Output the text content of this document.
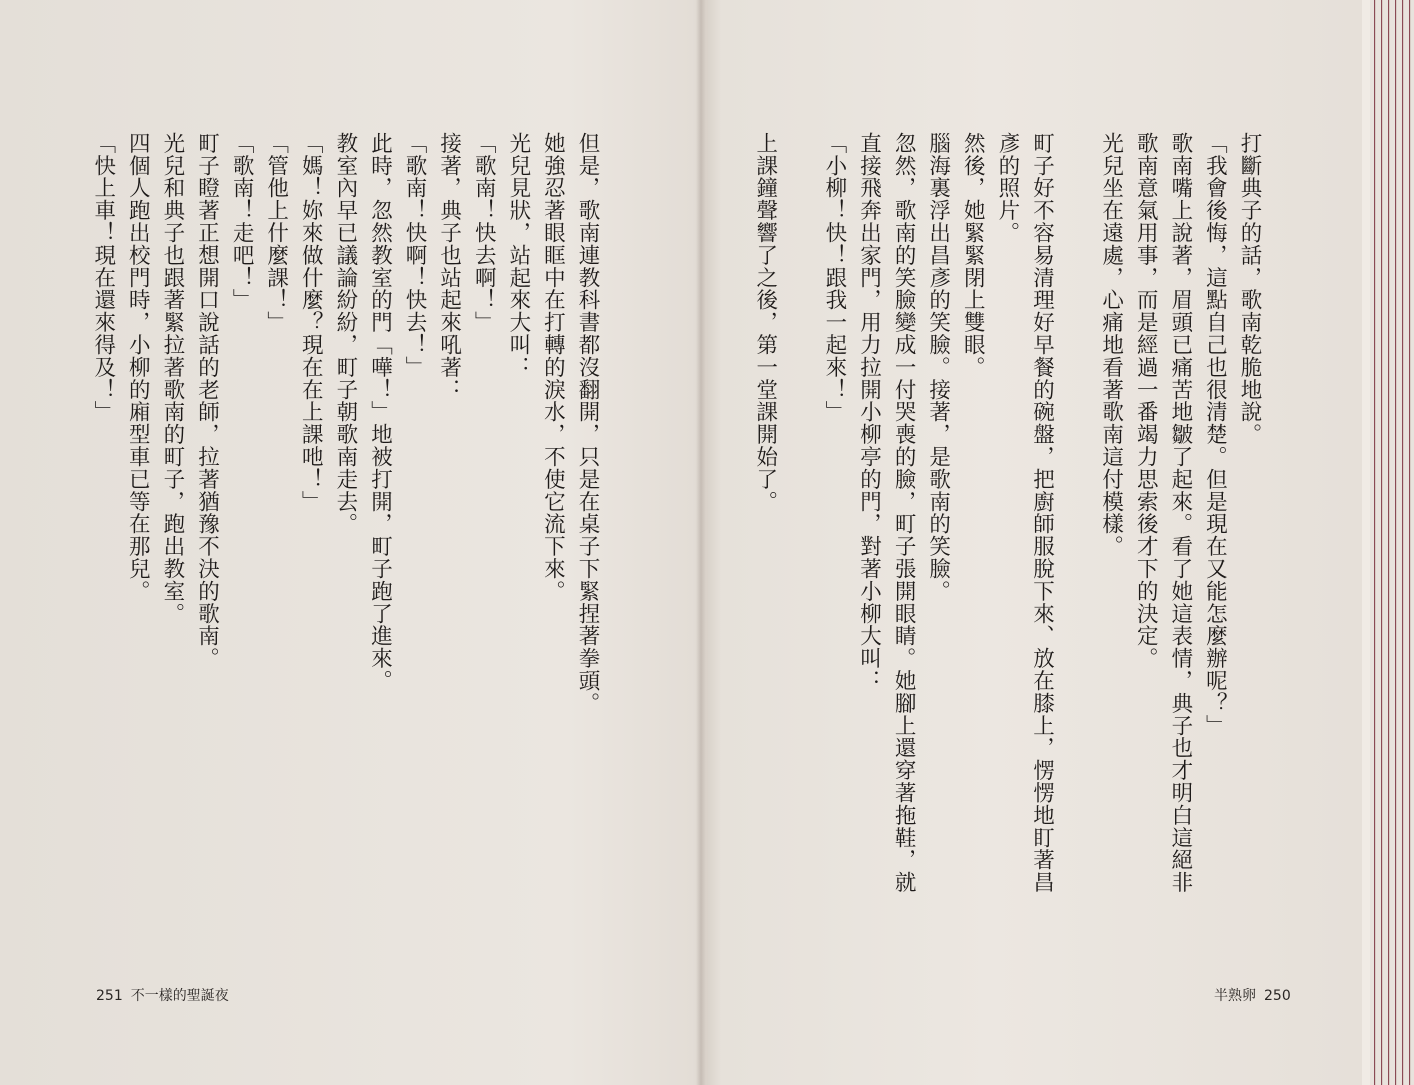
但是，歌南連教科書都沒翻開，只是在桌子下緊捏著拳頭。

她強忍著眼眶中在打轉的淚水，不使它流下來。

光兒見狀，站起來大叫：

「歌南！快去啊！」

接著，典子也站起來吼著：

「歌南！快啊！快去！」

此時，忽然教室的門「嘩！」地被打開，町子跑了進來。

教室內早已議論紛紛，町子朝歌南走去。

「媽！妳來做什麼？現在在上課吔！」

「管他上什麼課！」

「歌南！走吧！」

町子瞪著正想開口說話的老師，拉著猶豫不決的歌南。

光兒和典子也跟著緊拉著歌南的町子，跑出教室。

四個人跑出校門時，小柳的廂型車已等在那兒。

「快上車！現在還來得及！」

251 不一樣的聖誕夜

打斷典子的話，歌南乾脆地說。

「我會後悔，這點自己也很清楚。但是現在又能怎麼辦呢？」

歌南嘴上說著，眉頭已痛苦地皺了起來。看了她這表情，典子也才明白這絕非

歌南意氣用事，而是經過一番竭力思索後才下的決定。

光兒坐在遠處，心痛地看著歌南這付模樣。

町子好不容易清理好早餐的碗盤，把廚師服脫下來、放在膝上，愣愣地盯著昌

彥的照片。

然後，她緊緊閉上雙眼。

腦海裏浮出昌彥的笑臉。接著，是歌南的笑臉。

忽然，歌南的笑臉變成一付哭喪的臉，町子張開眼睛。她腳上還穿著拖鞋，就

直接飛奔出家門，用力拉開小柳亭的門，對著小柳大叫：

「小柳！快！跟我一起來！」

上課鐘聲響了之後，第一堂課開始了。

半熟卵 250
